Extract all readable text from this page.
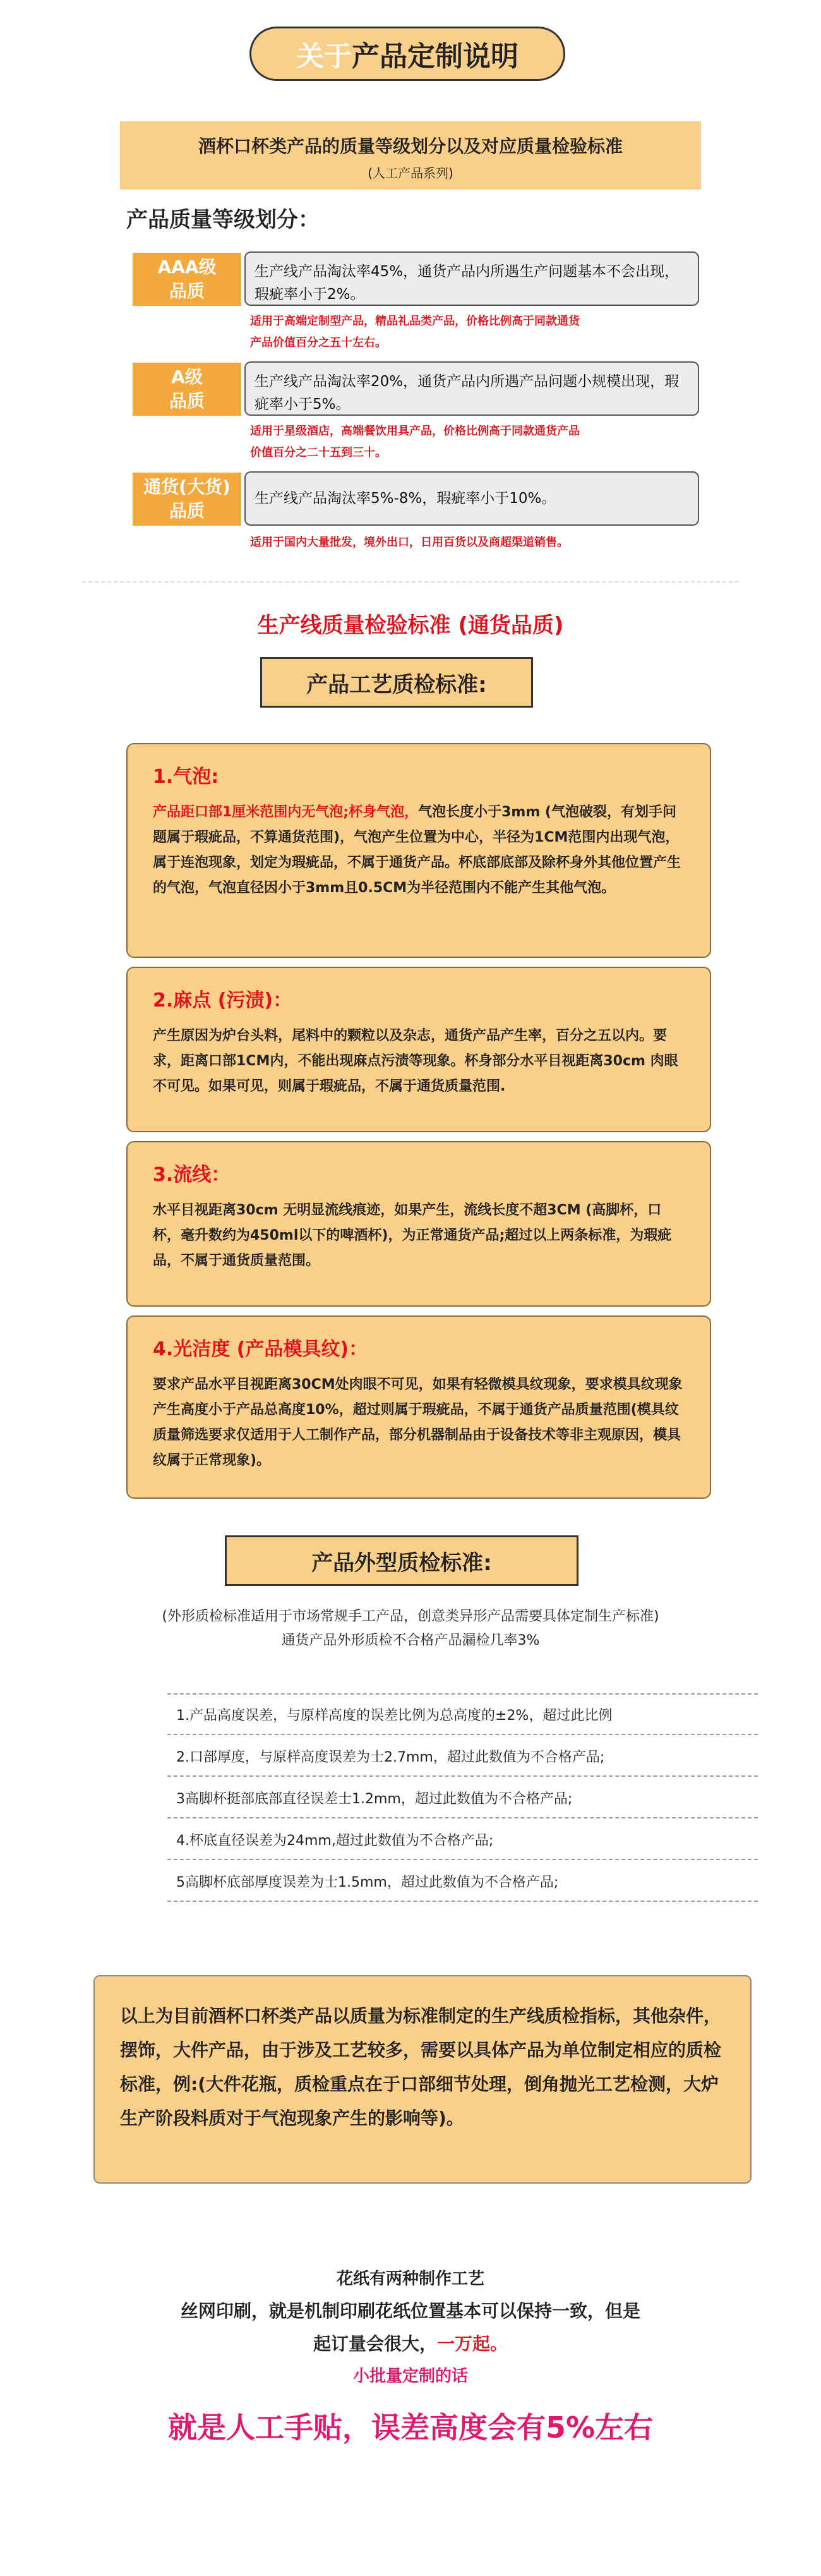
关于 产品定制说明
酒杯口杯类产品的质量等级划分以及对应质量检验标准
(人工产品系列)
产品质量等级划分：
AAA级
品质
生产线产品淘汰率45%，通货产品内所遇生产问题基本不会出现，瑕疵率小于2%。
适用于高端定制型产品，精品礼品类产品，价格比例高于同款通货
产品价值百分之五十左右。
A级
品质
生产线产品淘汰率20%，通货产品内所遇产品问题小规模出现，瑕疵率小于5%。
适用于星级酒店，高端餐饮用具产品，价格比例高于同款通货产品
价值百分之二十五到三十。
通货(大货)
品质
生产线产品淘汰率5%-8%，瑕疵率小于10%。
适用于国内大量批发，境外出口，日用百货以及商超渠道销售。
生产线质量检验标准 (通货品质)
产品工艺质检标准:
1.气泡:
产品距口部1厘米范围内无气泡;杯身气泡，气泡长度小于3mm (气泡破裂，有划手问题属于瑕疵品，不算通货范围)，气泡产生位置为中心，半径为1CM范围内出现气泡，属于连泡现象，划定为瑕疵品，不属于通货产品。杯底部底部及除杯身外其他位置产生的气泡，气泡直径因小于3mm且0.5CM为半径范围内不能产生其他气泡。
2.麻点 (污渍)：
产生原因为炉台头料，尾料中的颗粒以及杂志，通货产品产生率，百分之五以内。要求，距离口部1CM内，不能出现麻点污渍等现象。杯身部分水平目视距离30cm 肉眼不可见。如果可见，则属于瑕疵品，不属于通货质量范围.
3.流线：
水平目视距离30cm 无明显流线痕迹，如果产生，流线长度不超3CM (高脚杯，口杯，毫升数约为450ml以下的啤酒杯)，为正常通货产品;超过以上两条标准，为瑕疵品，不属于通货质量范围。
4.光洁度 (产品模具纹)：
要求产品水平目视距离30CM处肉眼不可见，如果有轻微模具纹现象，要求模具纹现象产生高度小于产品总高度10%，超过则属于瑕疵品，不属于通货产品质量范围(模具纹质量筛选要求仅适用于人工制作产品，部分机器制品由于设备技术等非主观原因，模具纹属于正常现象)。
产品外型质检标准:
(外形质检标准适用于市场常规手工产品，创意类异形产品需要具体定制生产标准)
通货产品外形质检不合格产品漏检几率3%
1.产品高度误差，与原样高度的误差比例为总高度的±2%，超过此比例
2.口部厚度，与原样高度误差为士2.7mm，超过此数值为不合格产品;
3高脚杯挺部底部直径误差士1.2mm，超过此数值为不合格产品;
4.杯底直径误差为24mm,超过此数值为不合格产品;
5高脚杯底部厚度误差为士1.5mm，超过此数值为不合格产品;
以上为目前酒杯口杯类产品以质量为标准制定的生产线质检指标，其他杂件，摆饰，大件产品，由于涉及工艺较多，需要以具体产品为单位制定相应的质检标准，例:(大件花瓶，质检重点在于口部细节处理，倒角抛光工艺检测，大炉生产阶段料质对于气泡现象产生的影响等)。
花纸有两种制作工艺
丝网印刷，就是机制印刷花纸位置基本可以保持一致，但是
起订量会很大，一万起。
小批量定制的话
就是人工手贴，误差高度会有5%左右
